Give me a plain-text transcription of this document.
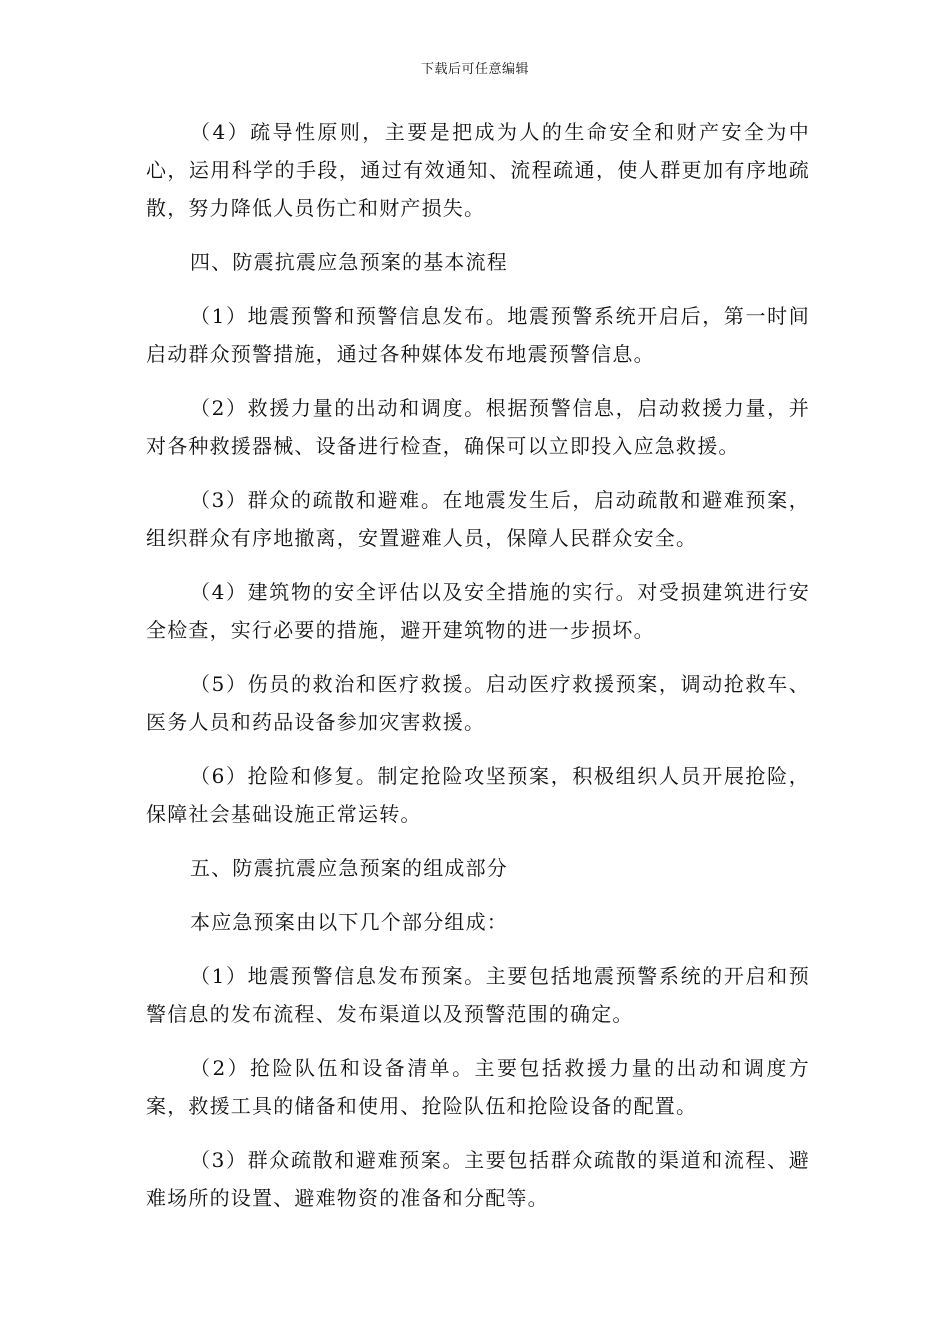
下载后可任意编辑

（4）疏导性原则，主要是把成为人的生命安全和财产安全为中心，运用科学的手段，通过有效通知、流程疏通，使人群更加有序地疏散，努力降低人员伤亡和财产损失。

四、防震抗震应急预案的基本流程

（1）地震预警和预警信息发布。地震预警系统开启后，第一时间启动群众预警措施，通过各种媒体发布地震预警信息。

（2）救援力量的出动和调度。根据预警信息，启动救援力量，并对各种救援器械、设备进行检查，确保可以立即投入应急救援。

（3）群众的疏散和避难。在地震发生后，启动疏散和避难预案，组织群众有序地撤离，安置避难人员，保障人民群众安全。

（4）建筑物的安全评估以及安全措施的实行。对受损建筑进行安全检查，实行必要的措施，避开建筑物的进一步损坏。

（5）伤员的救治和医疗救援。启动医疗救援预案，调动抢救车、医务人员和药品设备参加灾害救援。

（6）抢险和修复。制定抢险攻坚预案，积极组织人员开展抢险，保障社会基础设施正常运转。

五、防震抗震应急预案的组成部分

本应急预案由以下几个部分组成：

（1）地震预警信息发布预案。主要包括地震预警系统的开启和预警信息的发布流程、发布渠道以及预警范围的确定。

（2）抢险队伍和设备清单。主要包括救援力量的出动和调度方案，救援工具的储备和使用、抢险队伍和抢险设备的配置。

（3）群众疏散和避难预案。主要包括群众疏散的渠道和流程、避难场所的设置、避难物资的准备和分配等。
